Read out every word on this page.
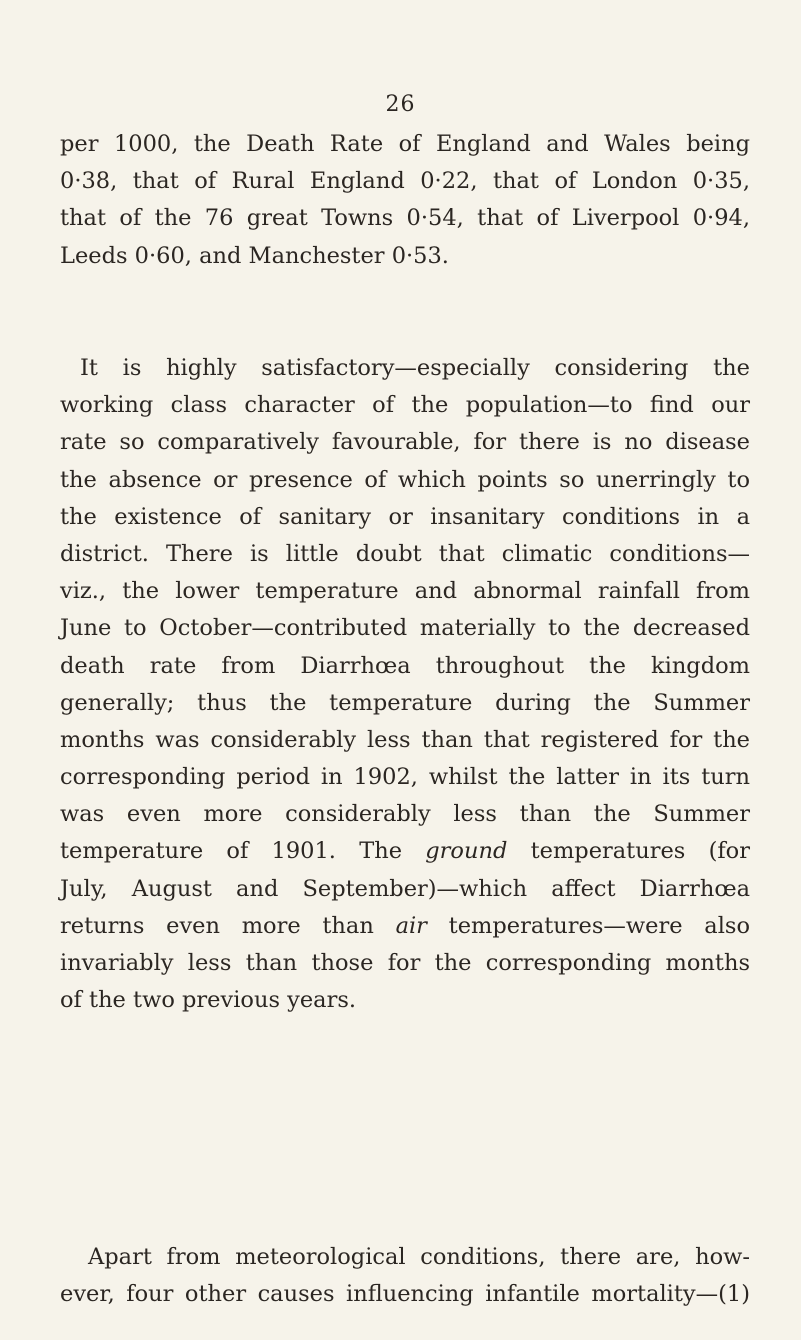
26
per 1000, the Death Rate of England and Wales being
0·38, that of Rural England 0·22, that of London 0·35,
that of the 76 great Towns 0·54, that of Liverpool 0·94,
Leeds 0·60, and Manchester 0·53.
It is highly satisfactory—especially considering the
working class character of the population—to find our
rate so comparatively favourable, for there is no disease
the absence or presence of which points so unerringly to
the existence of sanitary or insanitary conditions in a
district. There is little doubt that climatic conditions—
viz., the lower temperature and abnormal rainfall from
June to October—contributed materially to the decreased
death rate from Diarrhœa throughout the kingdom
generally; thus the temperature during the Summer
months was considerably less than that registered for the
corresponding period in 1902, whilst the latter in its turn
was even more considerably less than the Summer
temperature of 1901. The ground temperatures (for
July, August and September)—which affect Diarrhœa
returns even more than air temperatures—were also
invariably less than those for the corresponding months
of the two previous years.
Apart from meteorological conditions, there are, how-
ever, four other causes influencing infantile mortality—(1)
